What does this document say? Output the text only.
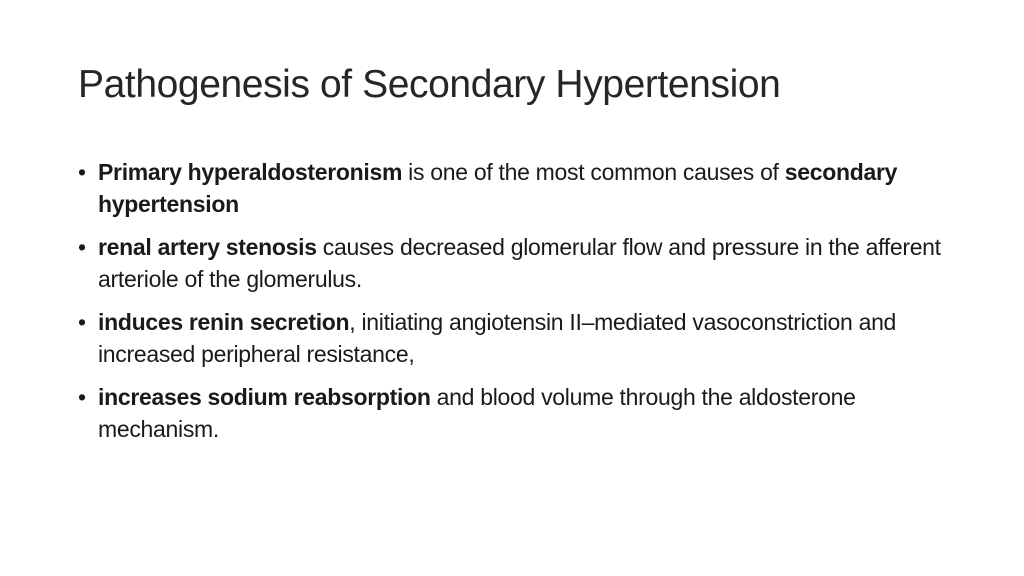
Pathogenesis of Secondary Hypertension
• Primary hyperaldosteronism is one of the most common causes of secondary hypertension
• renal artery stenosis causes decreased glomerular flow and pressure in the afferent arteriole of the glomerulus.
• induces renin secretion, initiating angiotensin II–mediated vasoconstriction and increased peripheral resistance,
• increases sodium reabsorption and blood volume through the aldosterone mechanism.
